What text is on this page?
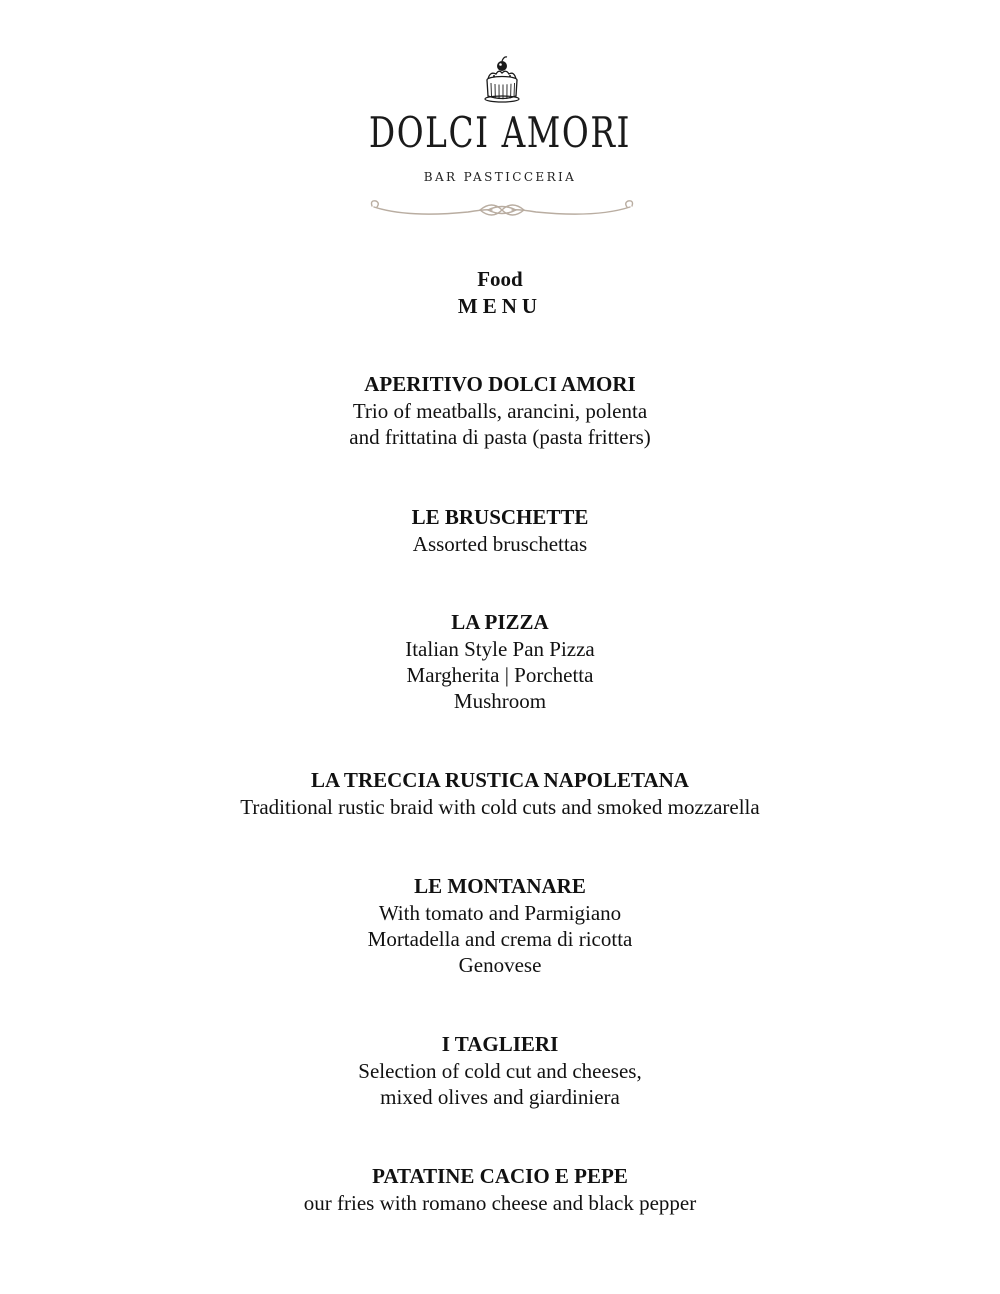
DOLCI AMORI
BAR PASTICCERIA
Food
MENU

APERITIVO DOLCI AMORI

Trio of meatballs, arancini, polenta

and frittatina di pasta (pasta fritters)

LE BRUSCHETTE

Assorted bruschettas

LA PIZZA

Italian Style Pan Pizza

Margherita | Porchetta

Mushroom

LA TRECCIA RUSTICA NAPOLETANA

Traditional rustic braid with cold cuts and smoked mozzarella

LE MONTANARE

With tomato and Parmigiano

Mortadella and crema di ricotta

Genovese

I TAGLIERI

Selection of cold cut and cheeses,

mixed olives and giardiniera

PATATINE CACIO E PEPE

our fries with romano cheese and black pepper
